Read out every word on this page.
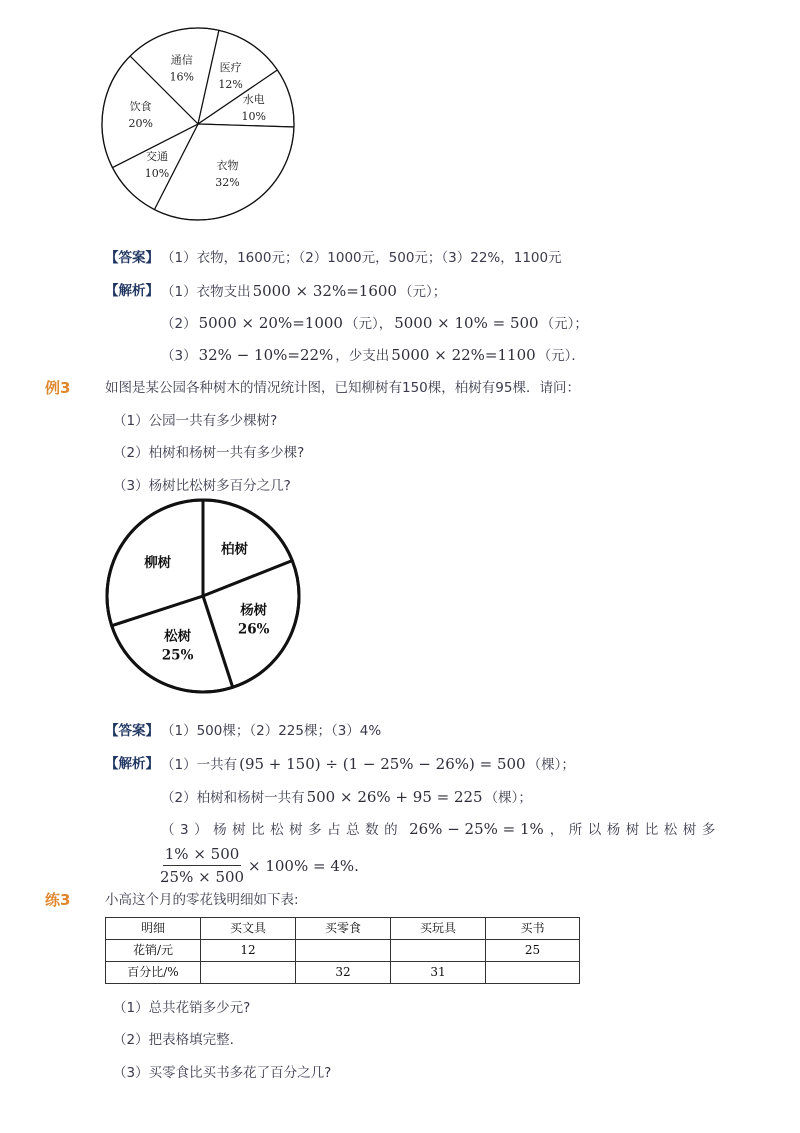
通信
16%
医疗
12%
水电
10%
衣物
32%
交通
10%
饮食
20%
【答案】 （1）衣物，1600元；（2）1000元，500元；（3）22%，1100元
【解析】 （1）衣物支出 5000 × 32%=1600 （元）；
（2） 5000 × 20%=1000 （元）， 5000 × 10% = 500 （元）；
（3） 32% − 10%=22% ，少支出 5000 × 22%=1100 （元）．
例3	如图是某公园各种树木的情况统计图，已知柳树有150棵，柏树有95棵．请问：
（1）公园一共有多少棵树?
（2）柏树和杨树一共有多少棵?
（3）杨树比松树多百分之几?
柏树
杨树
26%
松树
25%
柳树
【答案】 （1）500棵；（2）225棵；（3）4%
【解析】 （1）一共有 (95 + 150) ÷ (1 − 25% − 26%) = 500 （棵）；
（2）柏树和杨树一共有 500 × 26% + 95 = 225 （棵）；
（3）杨树比松树多占总数的 26% − 25% = 1% ，所以杨树比松树多
$\frac{1\% \times 500}{25\% \times 500} \times 100\% = 4\%$.
练3	小高这个月的零花钱明细如下表:
明细	买文具	买零食	买玩具	买书
花销/元	12			25
百分比/%		32	31	
（1）总共花销多少元?
（2）把表格填完整.
（3）买零食比买书多花了百分之几?
